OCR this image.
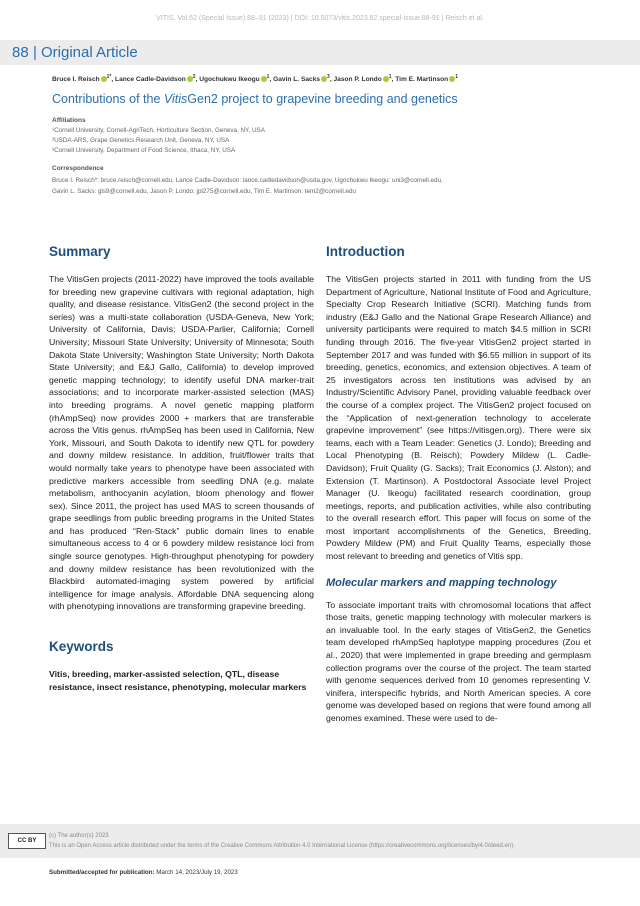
VITIS, Vol.62 (Special Issue):88–91 (2023) | DOI: 10.5073/vitis.2023.62.special-issue.88-91 | Reisch et al.
88 | Original Article
Bruce I. Reisch $^{1*}$, Lance Cadle-Davidson $^2$, Ugochukwu Ikeogu $^1$, Gavin L. Sacks $^3$, Jason P. Londo $^1$, Tim E. Martinson $^1$
Contributions of the VitisGen2 project to grapevine breeding and genetics
Affiliations
¹Cornell University, Cornell-AgriTech, Horticulture Section, Geneva, NY, USA
²USDA-ARS, Grape Genetics Research Unit, Geneva, NY, USA
³Cornell University, Department of Food Science, Ithaca, NY, USA
Correspondence
Bruce I. Reisch*: bruce.reisch@cornell.edu, Lance Cadle-Davidson: lance.cadledavidson@usda.gov, Ugochukwu Ikeogu: uni3@cornell.edu,
Gavin L. Sacks: gls9@cornell.edu, Jason P. Londo: jpl275@cornell.edu, Tim E. Martinson: tem2@cornell.edu
Summary

The VitisGen projects (2011-2022) have improved the tools available for breeding new grapevine cultivars with regional adaptation, high quality, and disease resistance. VitisGen2 (the second project in the series) was a multi-state collaboration (USDA-Geneva, New York; University of California, Davis; USDA-Parlier, California; Cornell University; Missouri State University; University of Minnesota; South Dakota State University; Washington State University; North Dakota State University; and E&J Gallo, California) to develop improved genetic mapping technology; to identify useful DNA marker-trait associations; and to incorporate marker-assisted selection (MAS) into breeding programs. A novel genetic mapping platform (rhAmpSeq) now provides 2000 + markers that are transferable across the Vitis genus. rhAmpSeq has been used in California, New York, Missouri, and South Dakota to identify new QTL for powdery and downy mildew resistance. In addition, fruit/flower traits that would normally take years to phenotype have been associated with predictive markers accessible from seedling DNA (e.g. malate metabolism, anthocyanin acylation, bloom phenology and flower sex). Since 2011, the project has used MAS to screen thousands of grape seedlings from public breeding programs in the United States and has produced “Ren-Stack” public domain lines to enable simultaneous access to 4 or 6 powdery mildew resistance loci from single source genotypes. High-throughput phenotyping for powdery and downy mildew resistance has been revolutionized with the Blackbird automated-imaging system powered by artificial intelligence for image analysis. Affordable DNA sequencing along with phenotyping innovations are transforming grapevine breeding.

Keywords

Vitis, breeding, marker-assisted selection, QTL, disease resistance, insect resistance, phenotyping, molecular markers

Introduction

The VitisGen projects started in 2011 with funding from the US Department of Agriculture, National Institute of Food and Agriculture, Specialty Crop Research Initiative (SCRI). Matching funds from industry (E&J Gallo and the National Grape Research Alliance) and university participants were required to match $4.5 million in SCRI funding through 2016. The five-year VitisGen2 project started in September 2017 and was funded with $6.55 million in support of its breeding, genetics, economics, and extension objectives. A team of 25 investigators across ten institutions was advised by an Industry/Scientific Advisory Panel, providing valuable feedback over the course of a complex project. The VitisGen2 project focused on the “Application of next-generation technology to accelerate grapevine improvement” (see https://vitisgen.org). There were six teams, each with a Team Leader: Genetics (J. Londo); Breeding and Local Phenotyping (B. Reisch); Powdery Mildew (L. Cadle-Davidson); Fruit Quality (G. Sacks); Trait Economics (J. Alston); and Extension (T. Martinson). A Postdoctoral Associate level Project Manager (U. Ikeogu) facilitated research coordination, group meetings, reports, and publication activities, while also contributing to the overall research effort. This paper will focus on some of the most important accomplishments of the Genetics, Breeding, Powdery Mildew (PM) and Fruit Quality Teams, especially those most relevant to breeding and genetics of Vitis spp.

Molecular markers and mapping technology

To associate important traits with chromosomal locations that affect those traits, genetic mapping technology with molecular markers is an invaluable tool. In the early stages of VitisGen2, the Genetics team developed rhAmpSeq haplotype mapping procedures (Zou et al., 2020) that were implemented in grape breeding and germplasm collection programs over the course of the project. The team started with genome sequences derived from 10 genomes representing V. vinifera, interspecific hybrids, and North American species. A core genome was developed based on regions that were found among all genomes examined. These were used to de-

CC BY
(c) The author(s) 2023
This is an Open Access article distributed under the terms of the Creative Commons Attribution 4.0 International License (https://creativecommons.org/licenses/by/4.0/deed.en).
Submitted/accepted for publication: March 14, 2023/July 19, 2023
